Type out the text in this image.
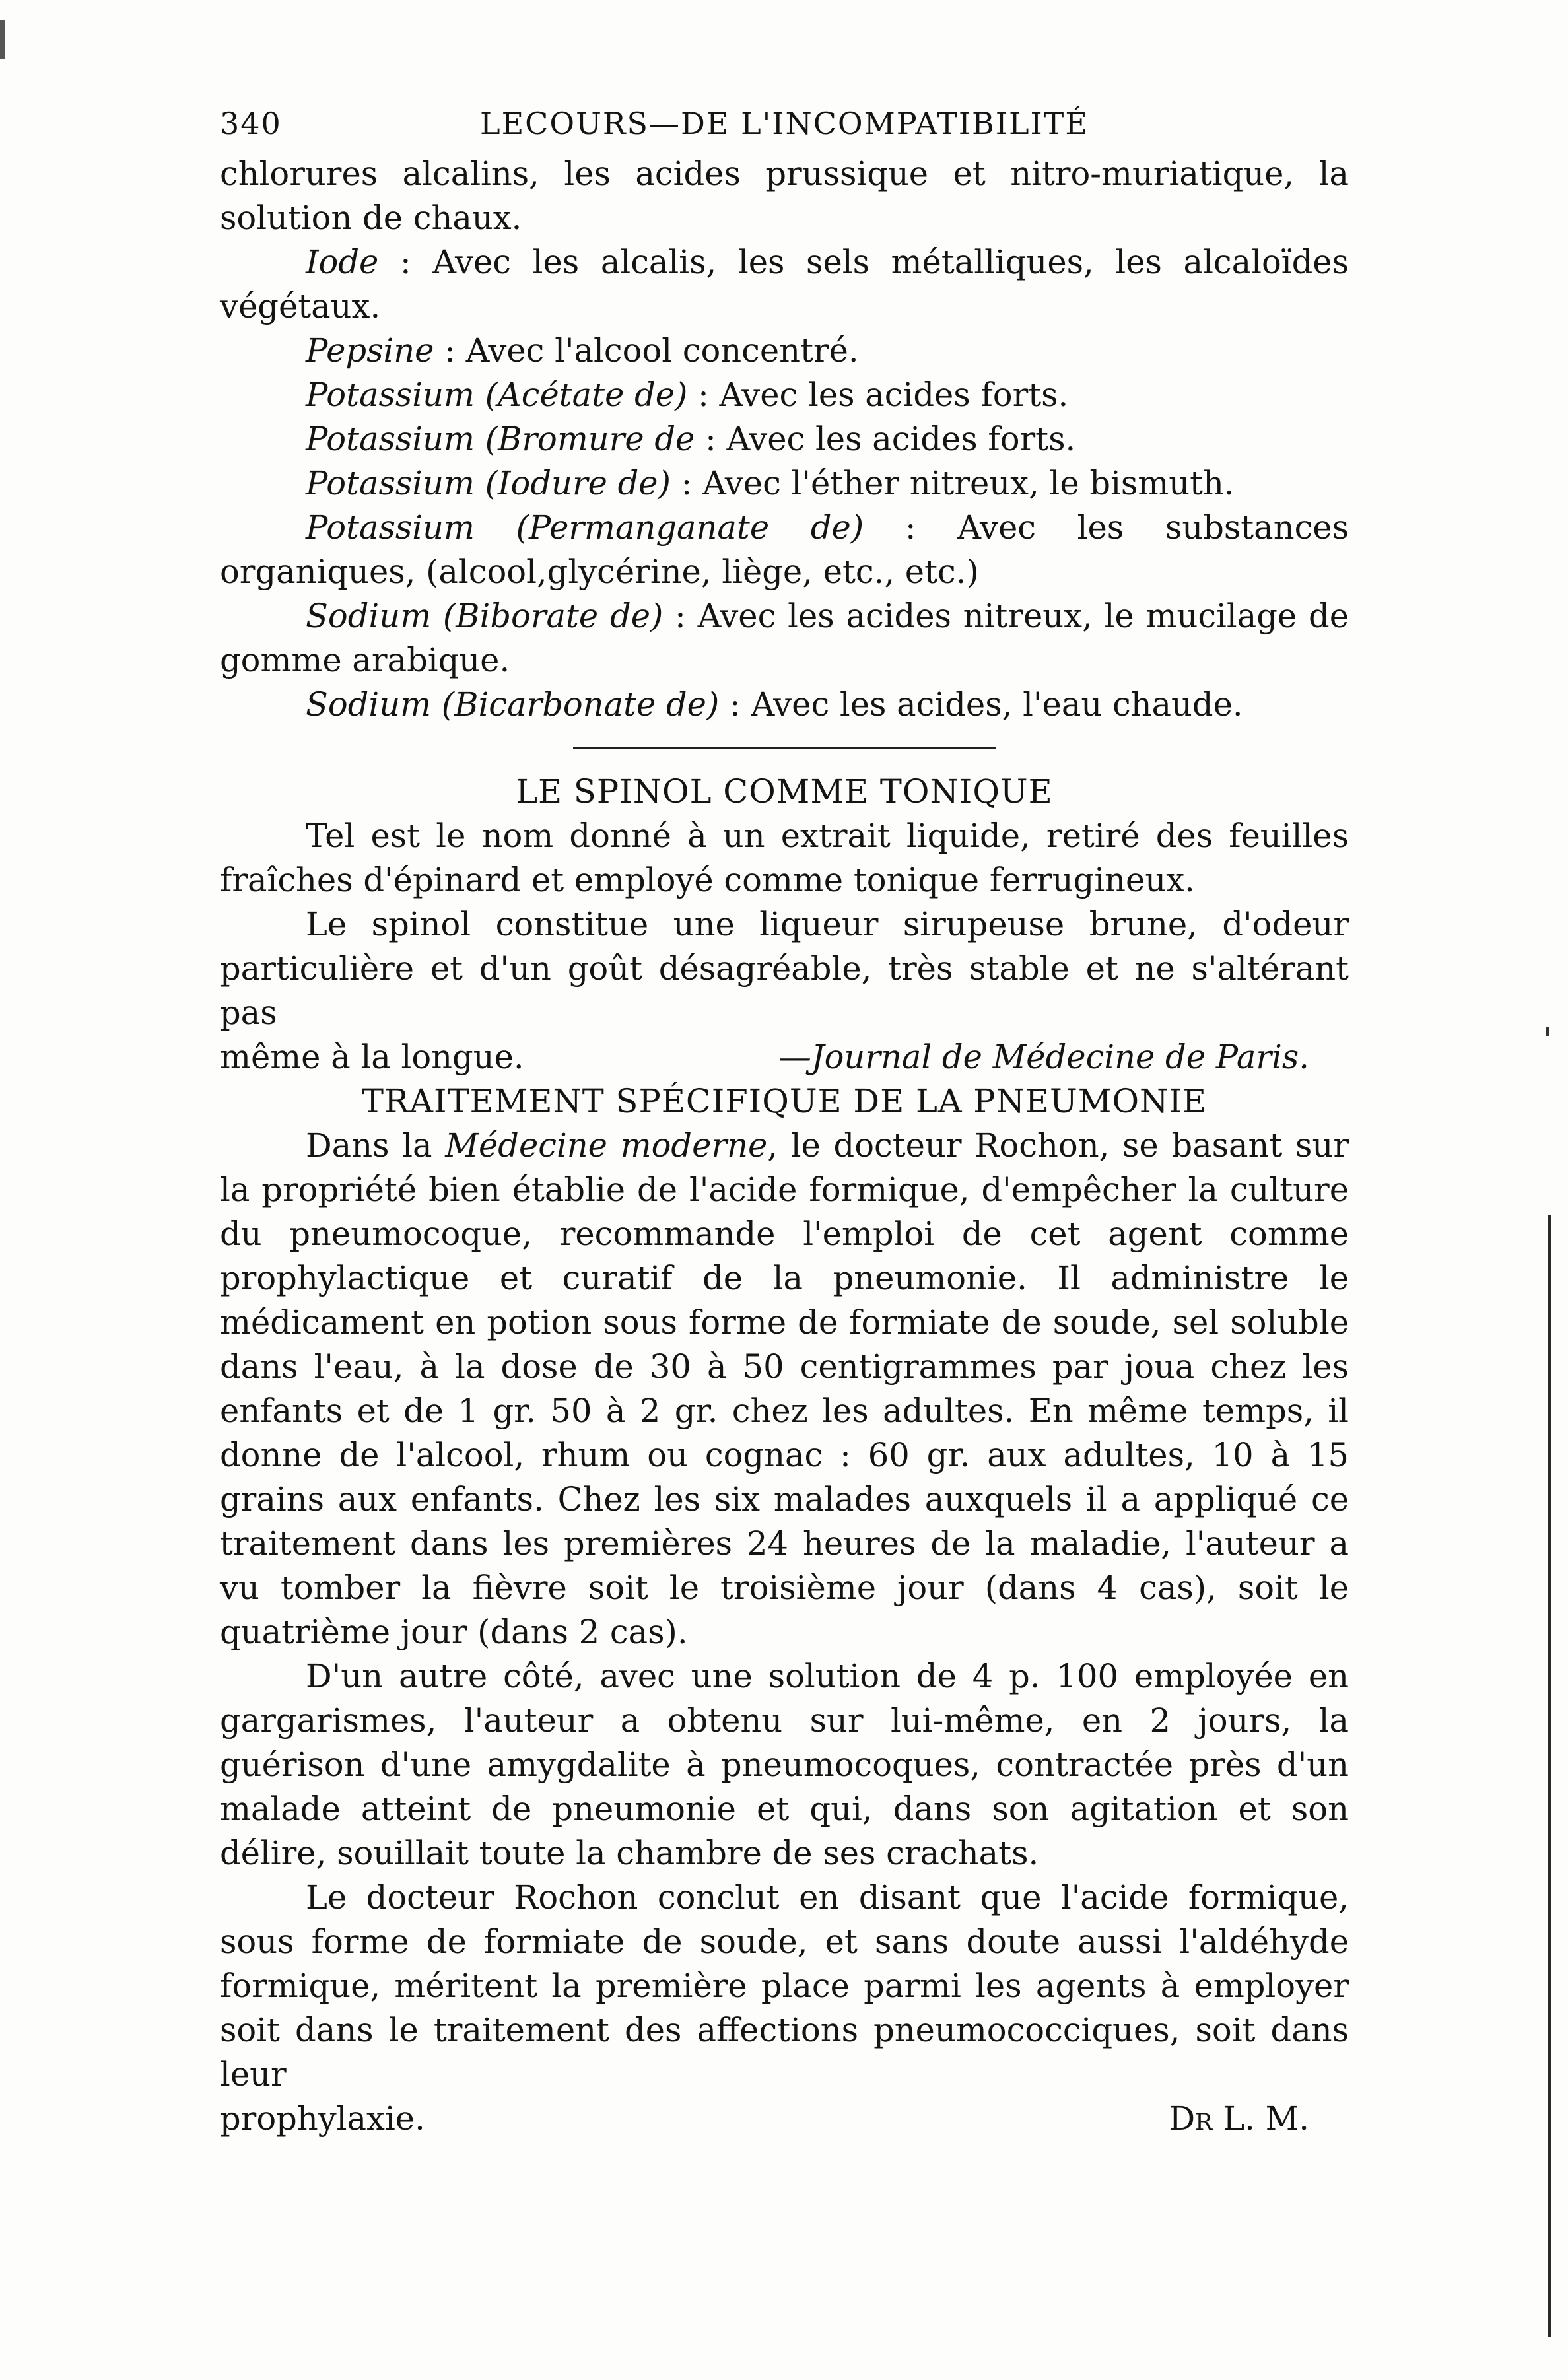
340	LECOURS—DE L'INCOMPATIBILITÉ

chlorures alcalins, les acides prussique et nitro-muriatique, la solution de chaux.

Iode : Avec les alcalis, les sels métalliques, les alcaloïdes végétaux.

Pepsine : Avec l'alcool concentré.

Potassium (Acétate de) : Avec les acides forts.

Potassium (Bromure de : Avec les acides forts.

Potassium (Iodure de) : Avec l'éther nitreux, le bismuth.

Potassium (Permanganate de) : Avec les substances organiques, (alcool,glycérine, liège, etc., etc.)

Sodium (Biborate de) : Avec les acides nitreux, le mucilage de gomme arabique.

Sodium (Bicarbonate de) : Avec les acides, l'eau chaude.

LE SPINOL COMME TONIQUE

Tel est le nom donné à un extrait liquide, retiré des feuilles fraîches d'épinard et employé comme tonique ferrugineux.

Le spinol constitue une liqueur sirupeuse brune, d'odeur particulière et d'un goût désagréable, très stable et ne s'altérant pas

même à la longue.	—Journal de Médecine de Paris.

TRAITEMENT SPÉCIFIQUE DE LA PNEUMONIE

Dans la Médecine moderne, le docteur Rochon, se basant sur la propriété bien établie de l'acide formique, d'empêcher la culture du pneumocoque, recommande l'emploi de cet agent comme prophylactique et curatif de la pneumonie. Il administre le médicament en potion sous forme de formiate de soude, sel soluble dans l'eau, à la dose de 30 à 50 centigrammes par joua chez les enfants et de 1 gr. 50 à 2 gr. chez les adultes. En même temps, il donne de l'alcool, rhum ou cognac : 60 gr. aux adultes, 10 à 15 grains aux enfants. Chez les six malades auxquels il a appliqué ce traitement dans les premières 24 heures de la maladie, l'auteur a vu tomber la fièvre soit le troisième jour (dans 4 cas), soit le quatrième jour (dans 2 cas).

D'un autre côté, avec une solution de 4 p. 100 employée en gargarismes, l'auteur a obtenu sur lui-même, en 2 jours, la guérison d'une amygdalite à pneumocoques, contractée près d'un malade atteint de pneumonie et qui, dans son agitation et son délire, souillait toute la chambre de ses crachats.

Le docteur Rochon conclut en disant que l'acide formique, sous forme de formiate de soude, et sans doute aussi l'aldéhyde formique, méritent la première place parmi les agents à employer soit dans le traitement des affections pneumococciques, soit dans leur

prophylaxie.	Dr L. M.
